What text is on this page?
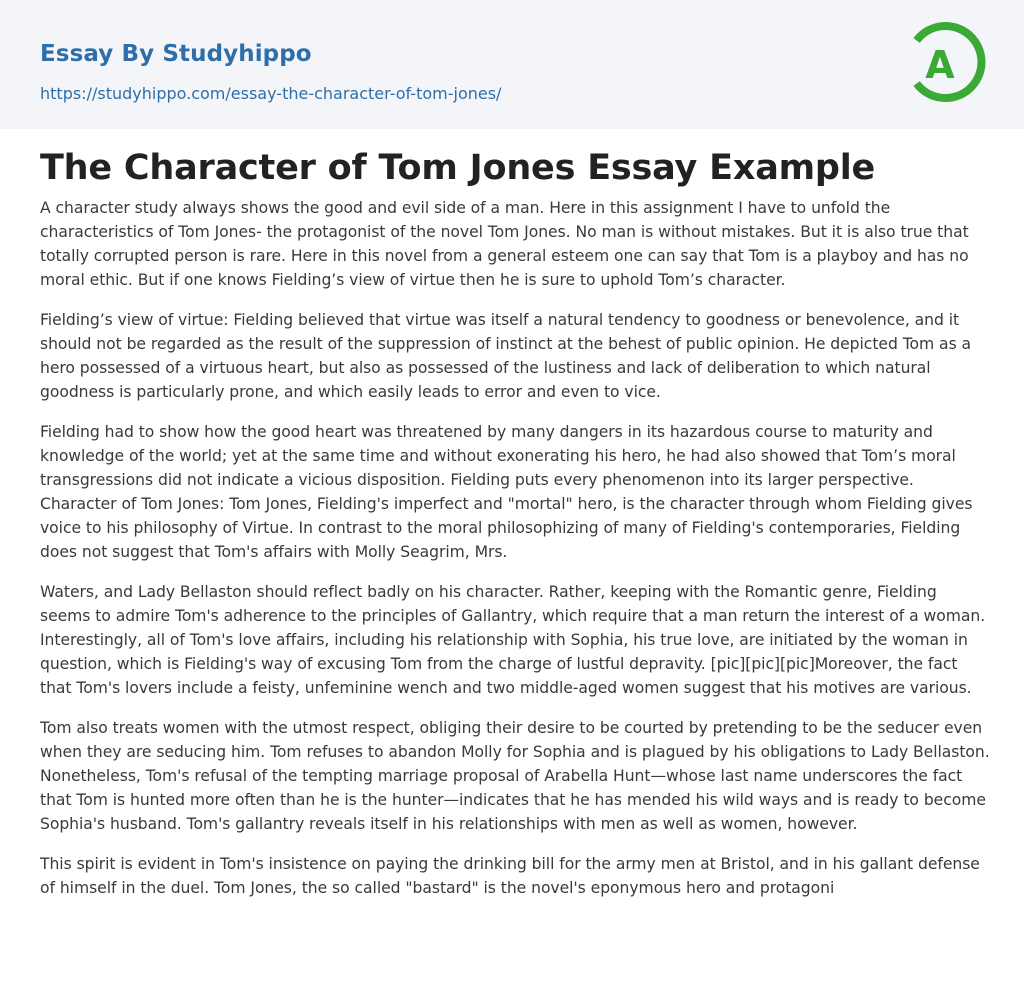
Essay By Studyhippo
https://studyhippo.com/essay-the-character-of-tom-jones/
A
The Character of Tom Jones Essay Example

A character study always shows the good and evil side of a man. Here in this assignment I have to unfold the characteristics of Tom Jones- the protagonist of the novel Tom Jones. No man is without mistakes. But it is also true that totally corrupted person is rare. Here in this novel from a general esteem one can say that Tom is a playboy and has no moral ethic. But if one knows Fielding’s view of virtue then he is sure to uphold Tom’s character.

Fielding’s view of virtue: Fielding believed that virtue was itself a natural tendency to goodness or benevolence, and it should not be regarded as the result of the suppression of instinct at the behest of public opinion. He depicted Tom as a hero possessed of a virtuous heart, but also as possessed of the lustiness and lack of deliberation to which natural goodness is particularly prone, and which easily leads to error and even to vice.

Fielding had to show how the good heart was threatened by many dangers in its hazardous course to maturity and knowledge of the world; yet at the same time and without exonerating his hero, he had also showed that Tom’s moral transgressions did not indicate a vicious disposition. Fielding puts every phenomenon into its larger perspective. Character of Tom Jones: Tom Jones, Fielding's imperfect and "mortal" hero, is the character through whom Fielding gives voice to his philosophy of Virtue. In contrast to the moral philosophizing of many of Fielding's contemporaries, Fielding does not suggest that Tom's affairs with Molly Seagrim, Mrs.

Waters, and Lady Bellaston should reflect badly on his character. Rather, keeping with the Romantic genre, Fielding seems to admire Tom's adherence to the principles of Gallantry, which require that a man return the interest of a woman. Interestingly, all of Tom's love affairs, including his relationship with Sophia, his true love, are initiated by the woman in question, which is Fielding's way of excusing Tom from the charge of lustful depravity. [pic][pic][pic]Moreover, the fact that Tom's lovers include a feisty, unfeminine wench and two middle-aged women suggest that his motives are various.

Tom also treats women with the utmost respect, obliging their desire to be courted by pretending to be the seducer even when they are seducing him. Tom refuses to abandon Molly for Sophia and is plagued by his obligations to Lady Bellaston. Nonetheless, Tom's refusal of the tempting marriage proposal of Arabella Hunt—whose last name underscores the fact that Tom is hunted more often than he is the hunter—indicates that he has mended his wild ways and is ready to become Sophia's husband. Tom's gallantry reveals itself in his relationships with men as well as women, however.

This spirit is evident in Tom's insistence on paying the drinking bill for the army men at Bristol, and in his gallant defense of himself in the duel. Tom Jones, the so called "bastard" is the novel's eponymous hero and protagoni
